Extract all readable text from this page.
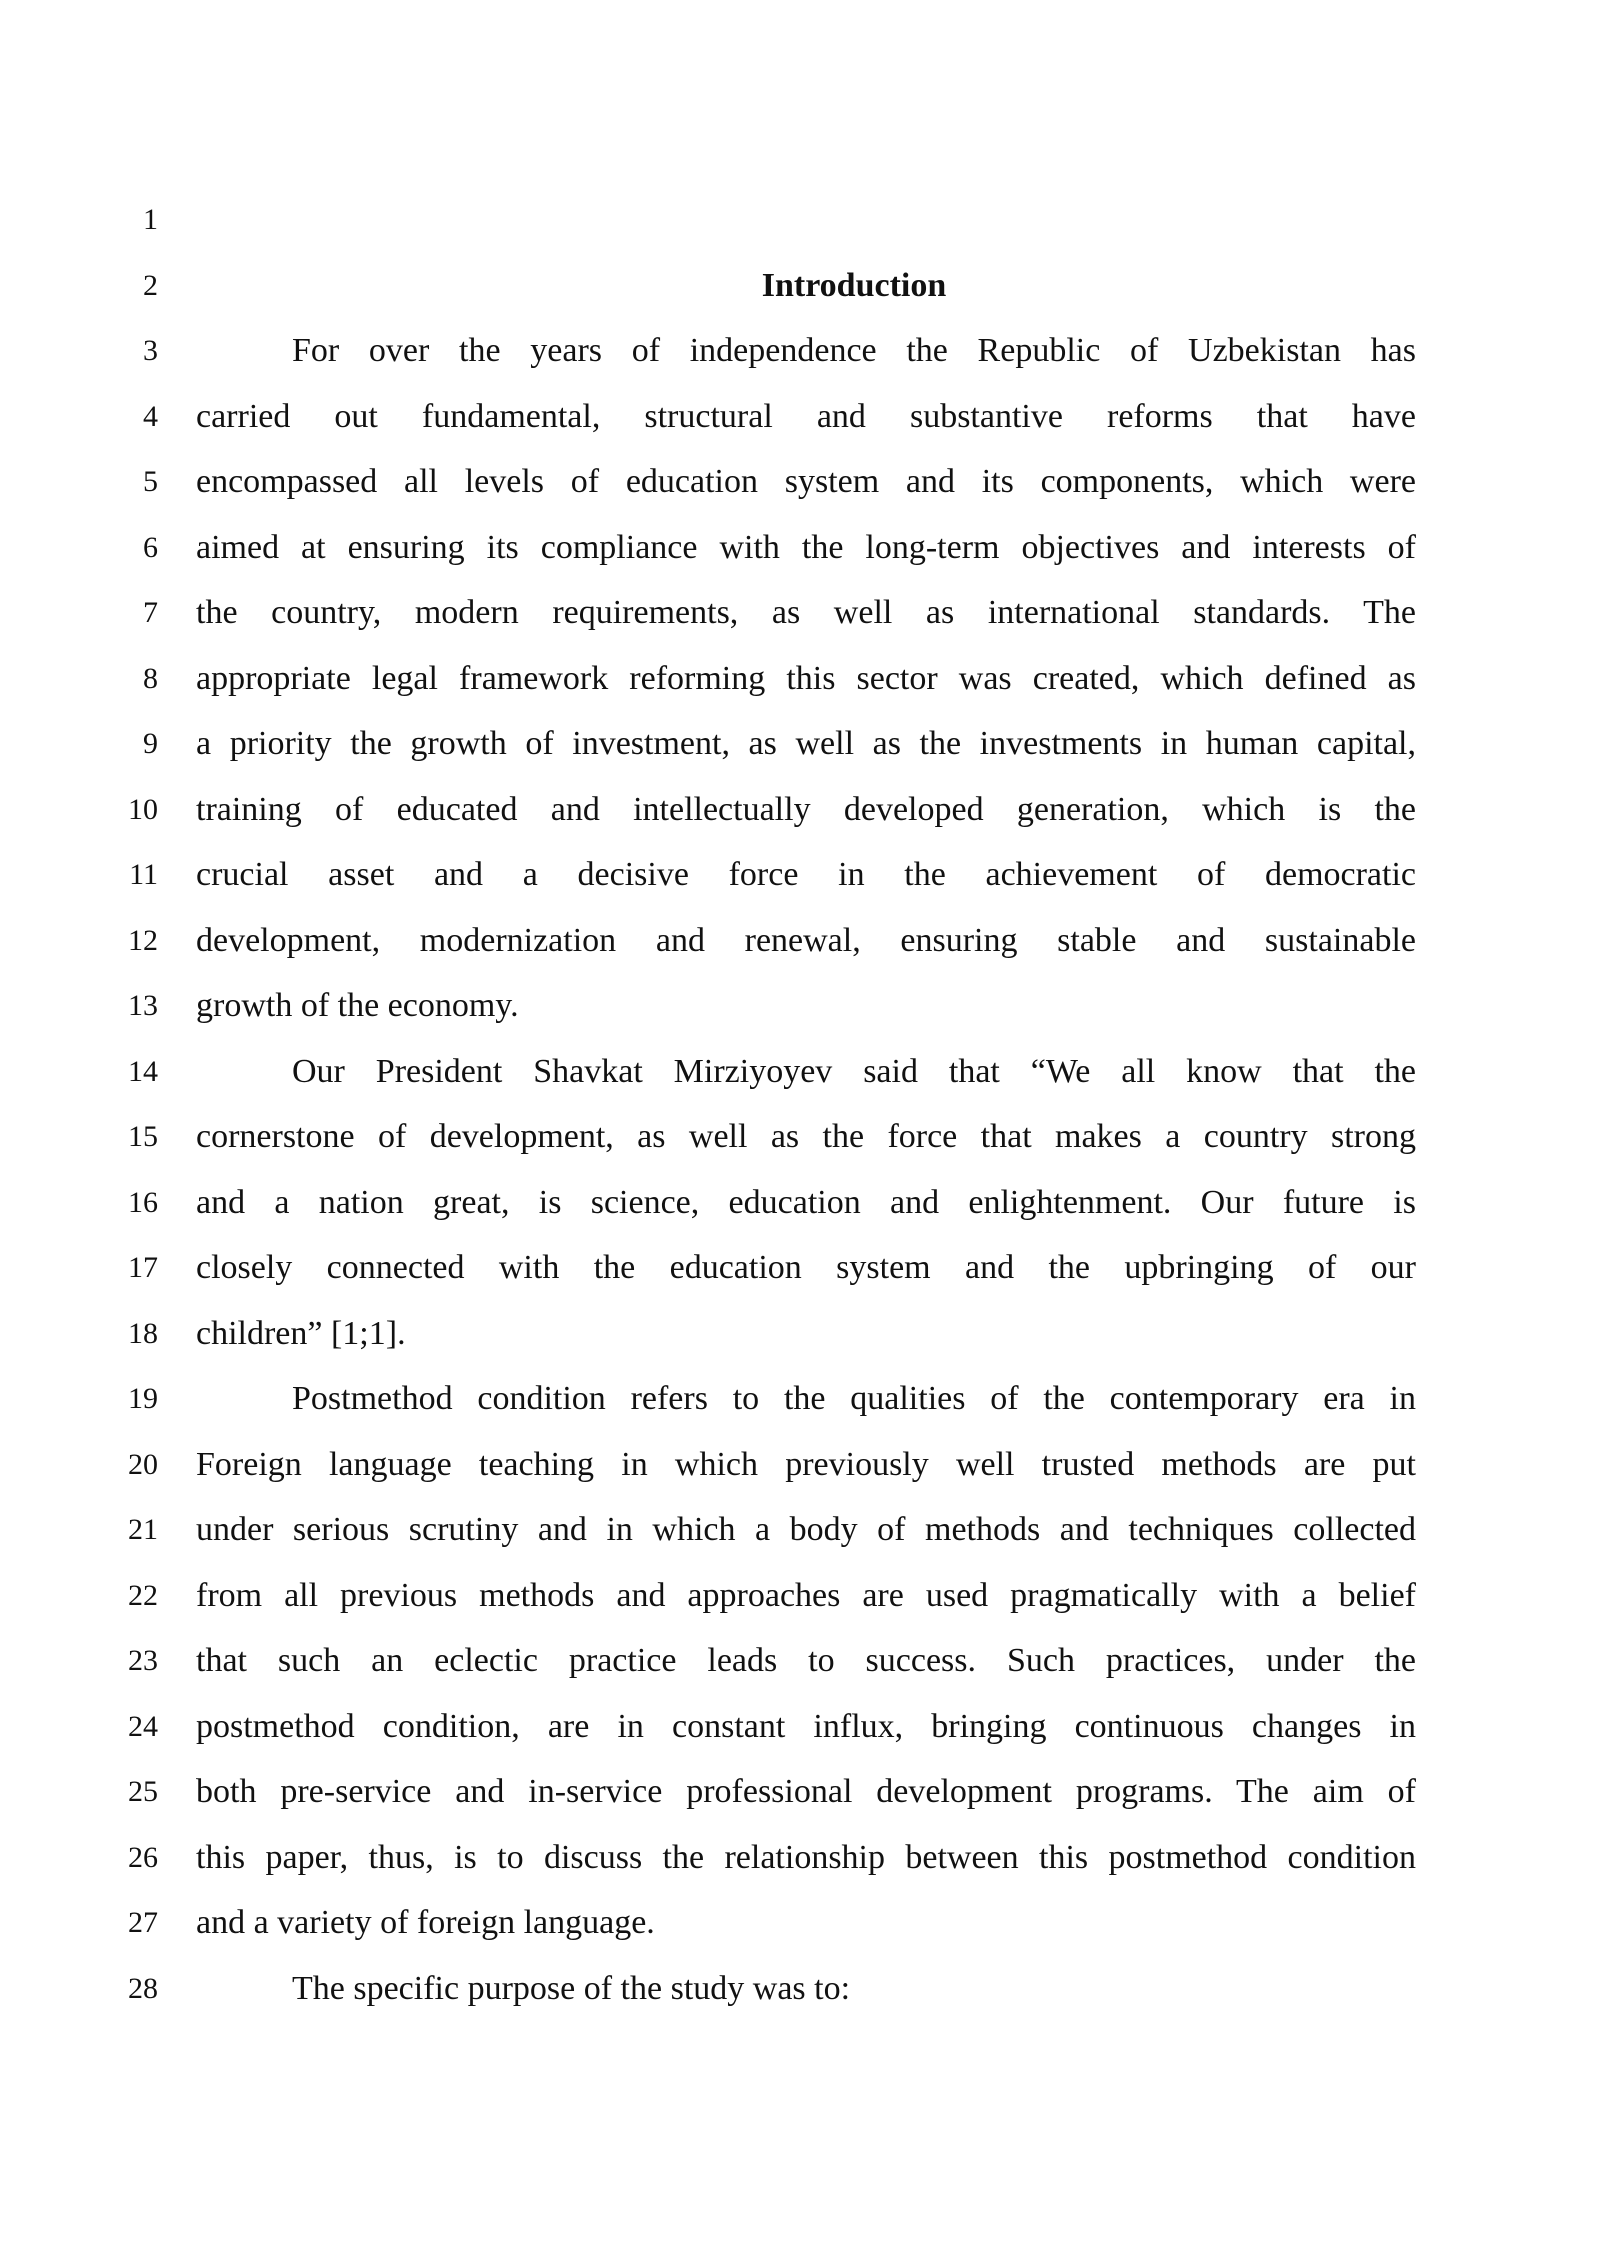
1
2	Introduction
3	For over the years of independence the Republic of Uzbekistan has
4 carried out fundamental, structural and substantive reforms that have
5 encompassed all levels of education system and its components, which were
6 aimed at ensuring its compliance with the long-term objectives and interests of
7 the country, modern requirements, as well as international standards. The
8 appropriate legal framework reforming this sector was created, which defined as
9 a priority the growth of investment, as well as the investments in human capital,
10 training of educated and intellectually developed generation, which is the
11 crucial asset and a decisive force in the achievement of democratic
12 development, modernization and renewal, ensuring stable and sustainable
13 growth of the economy.
14	Our President Shavkat Mirziyoyev said that “We all know that the
15 cornerstone of development, as well as the force that makes a country strong
16 and a nation great, is science, education and enlightenment. Our future is
17 closely connected with the education system and the upbringing of our
18 children” [1;1].
19	Postmethod condition refers to the qualities of the contemporary era in
20 Foreign language teaching in which previously well trusted methods are put
21 under serious scrutiny and in which a body of methods and techniques collected
22 from all previous methods and approaches are used pragmatically with a belief
23 that such an eclectic practice leads to success. Such practices, under the
24 postmethod condition, are in constant influx, bringing continuous changes in
25 both pre-service and in-service professional development programs. The aim of
26 this paper, thus, is to discuss the relationship between this postmethod condition
27 and a variety of foreign language.
28	The specific purpose of the study was to:
